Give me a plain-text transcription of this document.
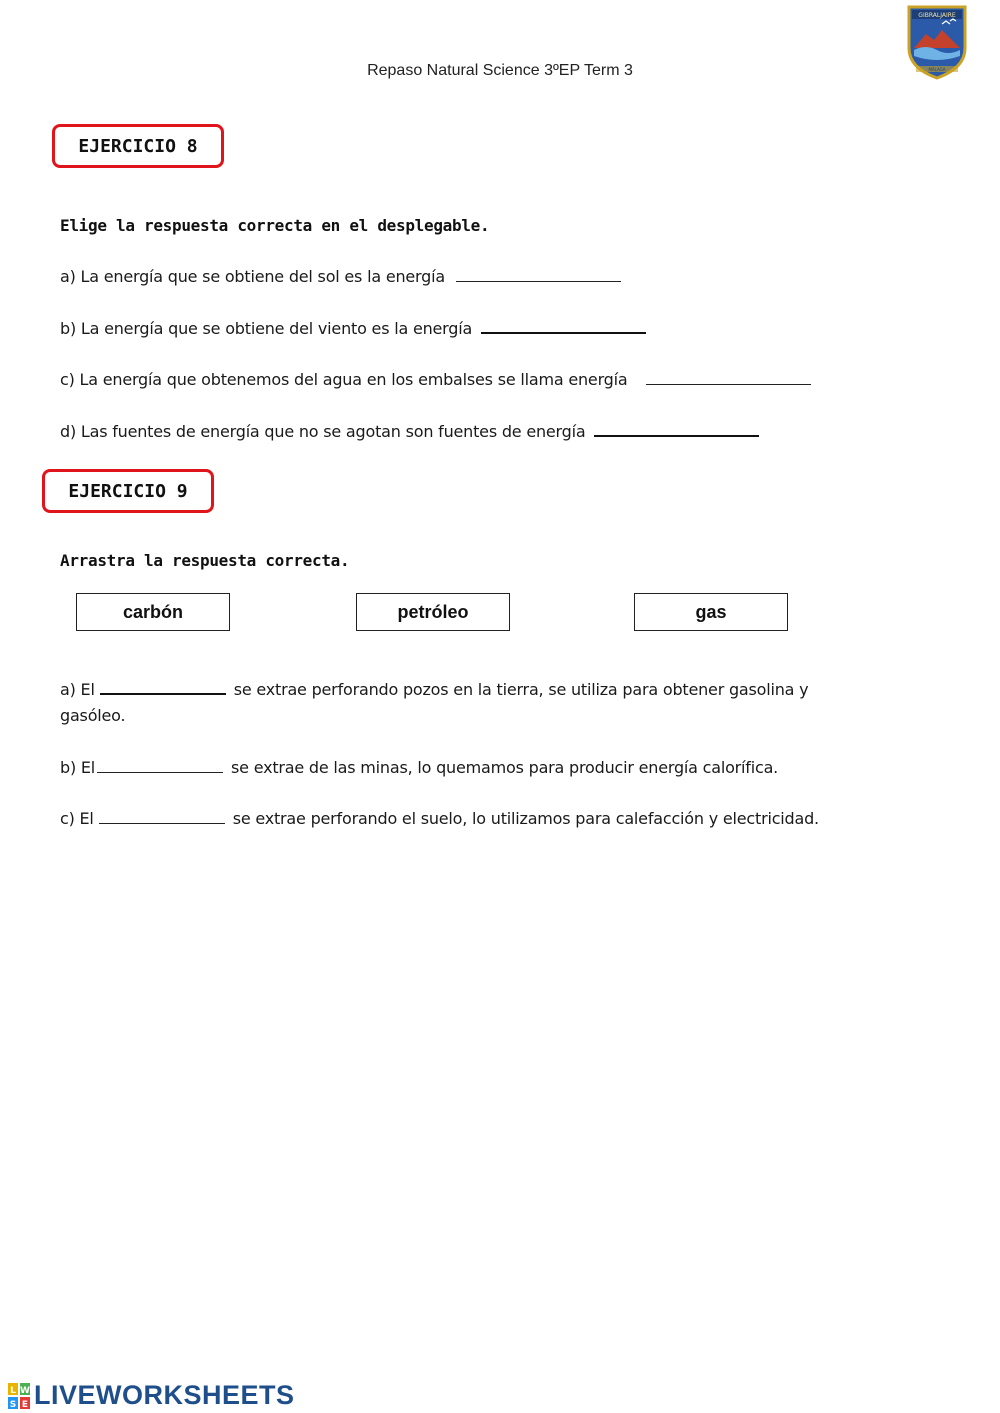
Repaso Natural Science 3ºEP Term 3
GIBRALJAIRE
MÁLAGA
EJERCICIO 8
Elige la respuesta correcta en el desplegable.
a) La energía que se obtiene del sol es la energía
b) La energía que se obtiene del viento es la energía
c) La energía que obtenemos del agua en los embalses se llama energía
d) Las fuentes de energía que no se agotan son fuentes de energía
EJERCICIO 9
Arrastra la respuesta correcta.
carbón	petróleo	gas
a) El	se extrae perforando pozos en la tierra, se utiliza para obtener gasolina y
gasóleo.
b) El	se extrae de las minas, lo quemamos para producir energía calorífica.
c) El	se extrae perforando el suelo, lo utilizamos para calefacción y electricidad.
L W
S E LIVEWORKSHEETS
